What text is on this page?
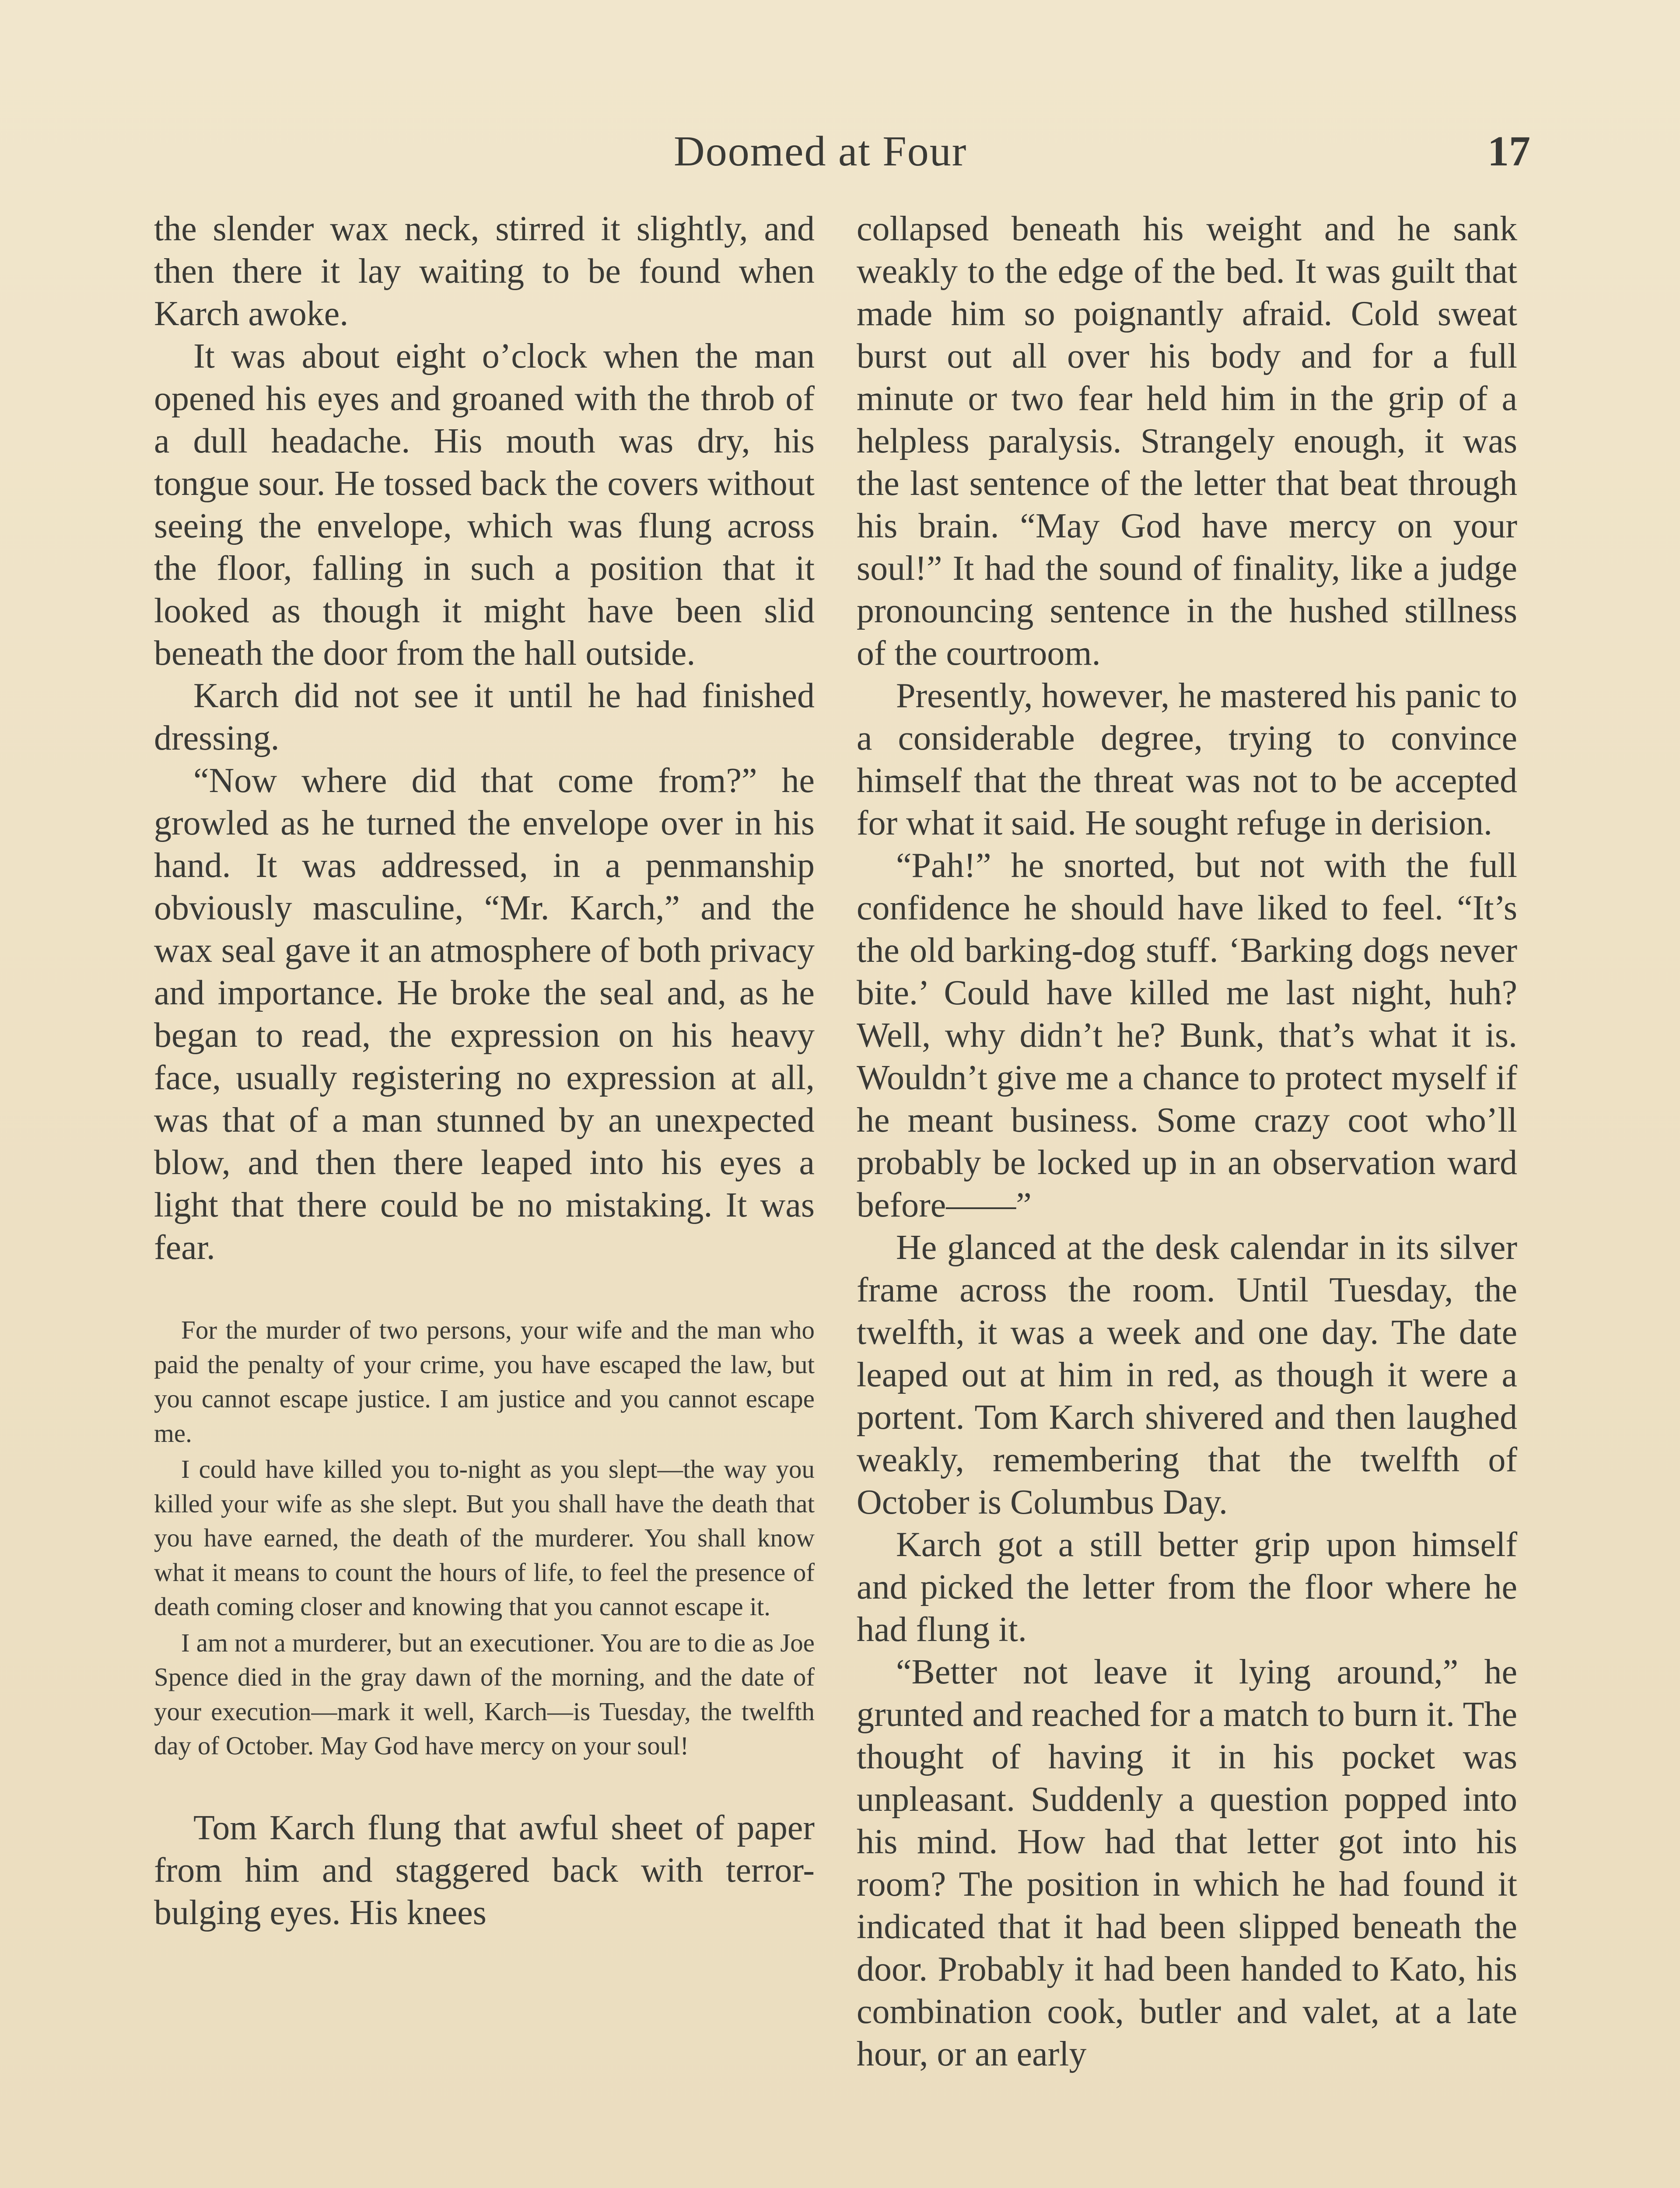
Doomed at Four	17

the slender wax neck, stirred it slightly, and then there it lay waiting to be found when Karch awoke.

It was about eight o’clock when the man opened his eyes and groaned with the throb of a dull headache. His mouth was dry, his tongue sour. He tossed back the covers without seeing the envelope, which was flung across the floor, falling in such a position that it looked as though it might have been slid beneath the door from the hall outside.

Karch did not see it until he had finished dressing.

“Now where did that come from?” he growled as he turned the envelope over in his hand. It was addressed, in a penmanship obviously masculine, “Mr. Karch,” and the wax seal gave it an atmosphere of both privacy and importance. He broke the seal and, as he began to read, the expression on his heavy face, usually registering no expression at all, was that of a man stunned by an unexpected blow, and then there leaped into his eyes a light that there could be no mistaking. It was fear.

For the murder of two persons, your wife and the man who paid the penalty of your crime, you have escaped the law, but you cannot escape justice. I am justice and you cannot escape me.

I could have killed you to-night as you slept—the way you killed your wife as she slept. But you shall have the death that you have earned, the death of the murderer. You shall know what it means to count the hours of life, to feel the presence of death coming closer and knowing that you cannot escape it.

I am not a murderer, but an executioner. You are to die as Joe Spence died in the gray dawn of the morning, and the date of your execution—mark it well, Karch—is Tuesday, the twelfth day of October. May God have mercy on your soul!

Tom Karch flung that awful sheet of paper from him and staggered back with terror-bulging eyes. His knees

collapsed beneath his weight and he sank weakly to the edge of the bed. It was guilt that made him so poignantly afraid. Cold sweat burst out all over his body and for a full minute or two fear held him in the grip of a helpless paralysis. Strangely enough, it was the last sentence of the letter that beat through his brain. “May God have mercy on your soul!” It had the sound of finality, like a judge pronouncing sentence in the hushed stillness of the courtroom.

Presently, however, he mastered his panic to a considerable degree, trying to convince himself that the threat was not to be accepted for what it said. He sought refuge in derision.

“Pah!” he snorted, but not with the full confidence he should have liked to feel. “It’s the old barking-dog stuff. ‘Barking dogs never bite.’ Could have killed me last night, huh? Well, why didn’t he? Bunk, that’s what it is. Wouldn’t give me a chance to protect myself if he meant business. Some crazy coot who’ll probably be locked up in an observation ward before——”

He glanced at the desk calendar in its silver frame across the room. Until Tuesday, the twelfth, it was a week and one day. The date leaped out at him in red, as though it were a portent. Tom Karch shivered and then laughed weakly, remembering that the twelfth of October is Columbus Day.

Karch got a still better grip upon himself and picked the letter from the floor where he had flung it.

“Better not leave it lying around,” he grunted and reached for a match to burn it. The thought of having it in his pocket was unpleasant. Suddenly a question popped into his mind. How had that letter got into his room? The position in which he had found it indicated that it had been slipped beneath the door. Probably it had been handed to Kato, his combination cook, butler and valet, at a late hour, or an early
